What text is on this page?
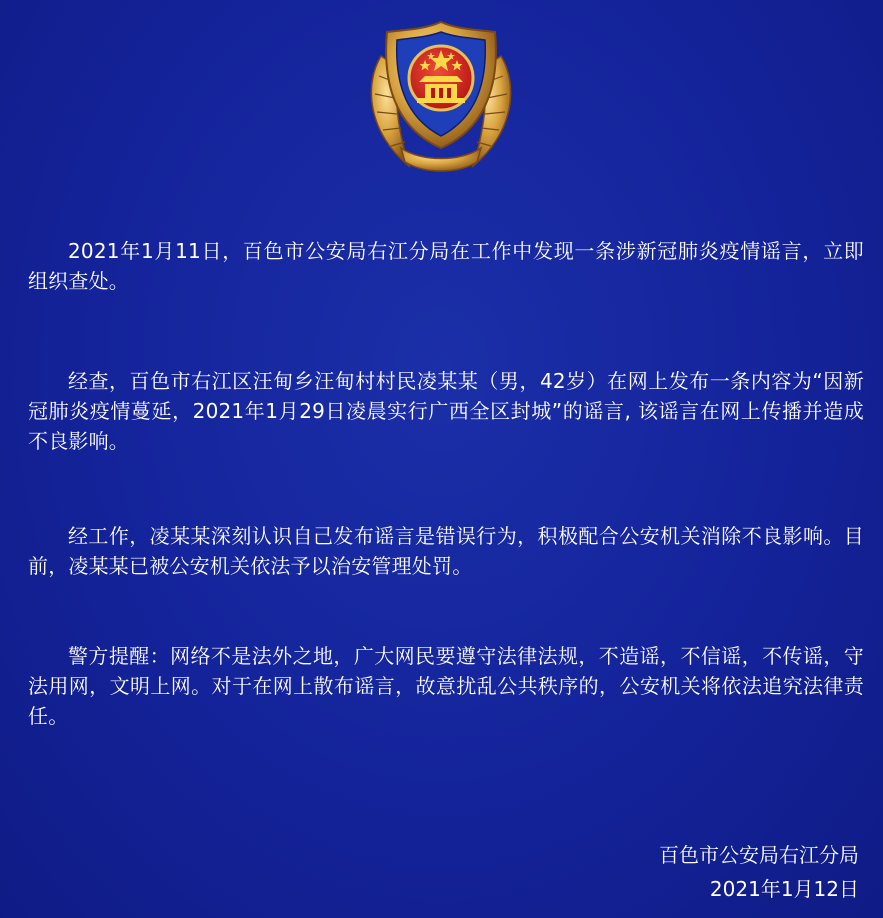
2021年1月11日，百色市公安局右江分局在工作中发现一条涉新冠肺炎疫情谣言，立即组织查处。

经查，百色市右江区汪甸乡汪甸村村民凌某某（男，42岁）在网上发布一条内容为“因新冠肺炎疫情蔓延，2021年1月29日凌晨实行广西全区封城”的谣言, 该谣言在网上传播并造成不良影响。

经工作，凌某某深刻认识自己发布谣言是错误行为，积极配合公安机关消除不良影响。目前，凌某某已被公安机关依法予以治安管理处罚。

警方提醒：网络不是法外之地，广大网民要遵守法律法规，不造谣，不信谣，不传谣，守法用网，文明上网。对于在网上散布谣言，故意扰乱公共秩序的，公安机关将依法追究法律责任。

百色市公安局右江分局
2021年1月12日
